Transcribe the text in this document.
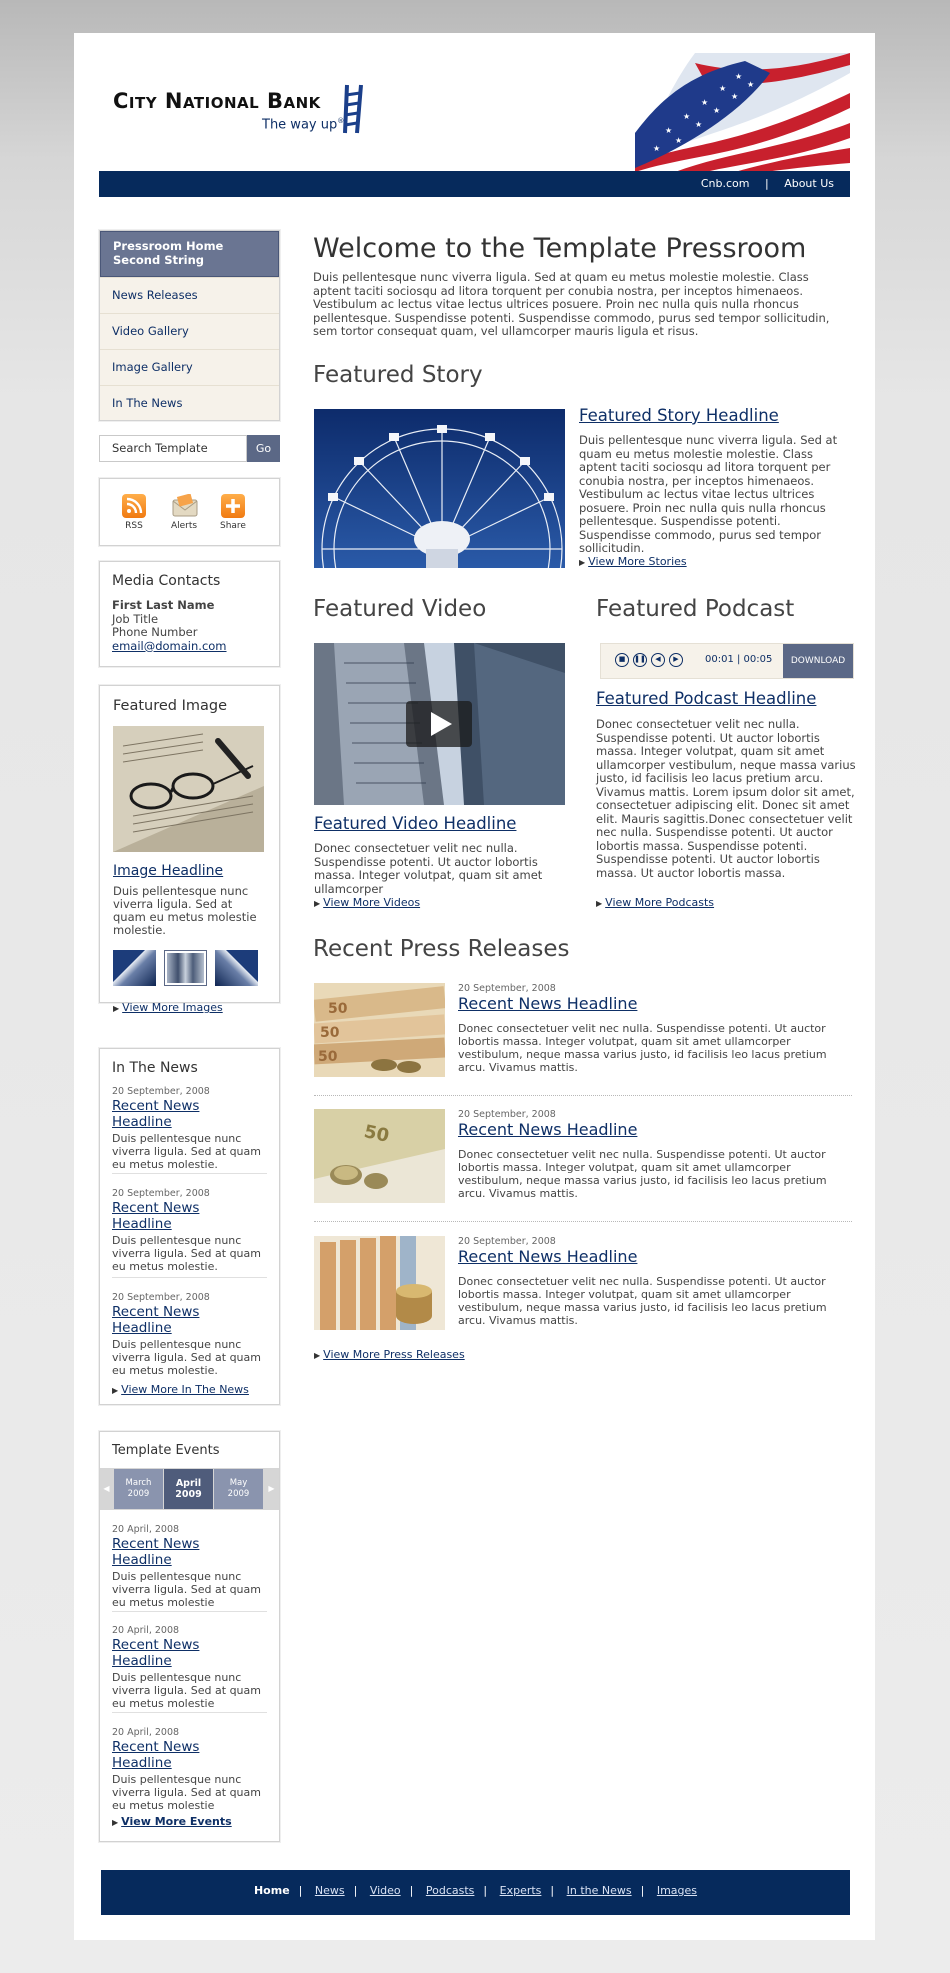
City National Bank
The way up®
★
★
★
★
★
★
★
★
★
★
★
Cnb.com | About Us
Pressroom Home Second String
News Releases
Video Gallery
Image Gallery
In The News
Search Template	Go
RSS	Alerts	Share
Media Contacts
First Last Name
Job Title
Phone Number
email@domain.com
Featured Image
Image Headline
Duis pellentesque nunc viverra ligula. Sed at quam eu metus molestie molestie.
▶ View More Images
In The News
20 September, 2008
Recent News Headline
Duis pellentesque nunc viverra ligula. Sed at quam eu metus molestie.
20 September, 2008
Recent News Headline
Duis pellentesque nunc viverra ligula. Sed at quam eu metus molestie.
20 September, 2008
Recent News Headline
Duis pellentesque nunc viverra ligula. Sed at quam eu metus molestie.
▶ View More In The News
Template Events
◀
March
2009
April
2009
May
2009
▶
20 April, 2008
Recent News Headline
Duis pellentesque nunc viverra ligula. Sed at quam eu metus molestie
20 April, 2008
Recent News Headline
Duis pellentesque nunc viverra ligula. Sed at quam eu metus molestie
20 April, 2008
Recent News Headline
Duis pellentesque nunc viverra ligula. Sed at quam eu metus molestie
▶ View More Events
Welcome to the Template Pressroom
Duis pellentesque nunc viverra ligula. Sed at quam eu metus molestie molestie. Class aptent taciti sociosqu ad litora torquent per conubia nostra, per inceptos himenaeos. Vestibulum ac lectus vitae lectus ultrices posuere. Proin nec nulla quis nulla rhoncus pellentesque. Suspendisse potenti. Suspendisse commodo, purus sed tempor sollicitudin, sem tortor consequat quam, vel ullamcorper mauris ligula et risus.
Featured Story
Featured Story Headline
Duis pellentesque nunc viverra ligula. Sed at quam eu metus molestie molestie. Class aptent taciti sociosqu ad litora torquent per conubia nostra, per inceptos himenaeos. Vestibulum ac lectus vitae lectus ultrices posuere. Proin nec nulla quis nulla rhoncus pellentesque. Suspendisse potenti. Suspendisse commodo, purus sed tempor sollicitudin.
▶ View More Stories
Featured Video
Featured Video Headline
Donec consectetuer velit nec nulla. Suspendisse potenti. Ut auctor lobortis massa. Integer volutpat, quam sit amet ullamcorper
▶ View More Videos
Featured Podcast
■	❚❚	◀	▶	00:01 | 00:05	DOWNLOAD
Featured Podcast Headline
Donec consectetuer velit nec nulla. Suspendisse potenti. Ut auctor lobortis massa. Integer volutpat, quam sit amet ullamcorper vestibulum, neque massa varius justo, id facilisis leo lacus pretium arcu. Vivamus mattis. Lorem ipsum dolor sit amet, consectetuer adipiscing elit. Donec sit amet elit. Mauris sagittis.Donec consectetuer velit nec nulla. Suspendisse potenti. Ut auctor lobortis massa. Suspendisse potenti. Suspendisse potenti. Ut auctor lobortis massa. Ut auctor lobortis massa.
▶ View More Podcasts
Recent Press Releases
50
50
50
20 September, 2008
Recent News Headline
Donec consectetuer velit nec nulla. Suspendisse potenti. Ut auctor lobortis massa. Integer volutpat, quam sit amet ullamcorper vestibulum, neque massa varius justo, id facilisis leo lacus pretium arcu. Vivamus mattis.
50
20 September, 2008
Recent News Headline
Donec consectetuer velit nec nulla. Suspendisse potenti. Ut auctor lobortis massa. Integer volutpat, quam sit amet ullamcorper vestibulum, neque massa varius justo, id facilisis leo lacus pretium arcu. Vivamus mattis.
20 September, 2008
Recent News Headline
Donec consectetuer velit nec nulla. Suspendisse potenti. Ut auctor lobortis massa. Integer volutpat, quam sit amet ullamcorper vestibulum, neque massa varius justo, id facilisis leo lacus pretium arcu. Vivamus mattis.
▶ View More Press Releases
Home | News | Video | Podcasts | Experts | In the News | Images
